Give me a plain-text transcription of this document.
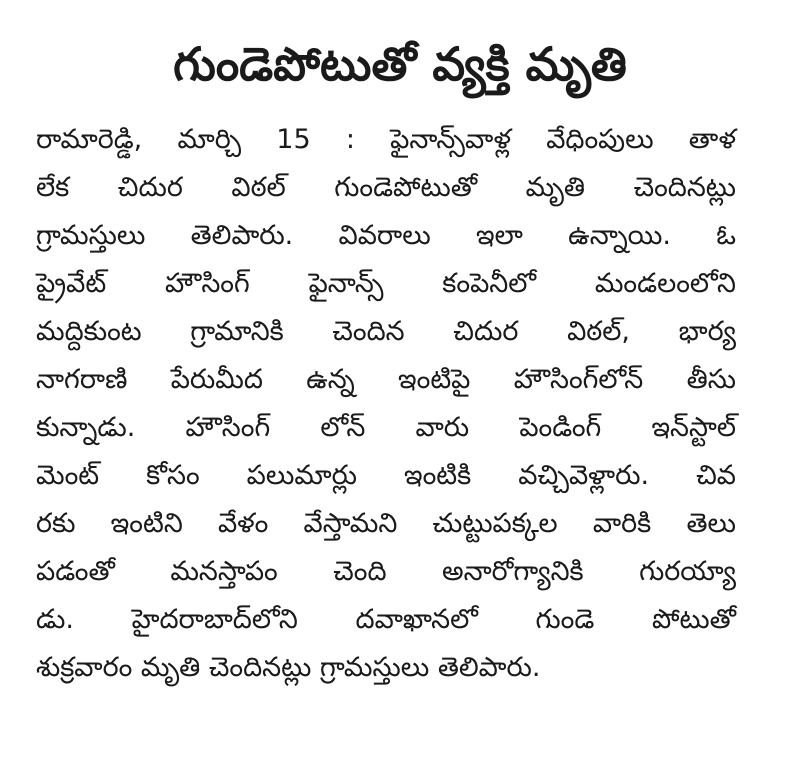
గుండెపోటుతో వ్యక్తి మృతి
రామారెడ్డి, మార్చి 15 : ఫైనాన్స్‌వాళ్ల వేధింపులు తాళ
లేక చిదుర విఠల్ గుండెపోటుతో మృతి చెందినట్లు
గ్రామస్తులు తెలిపారు. వివరాలు ఇలా ఉన్నాయి. ఓ
ప్రైవేట్ హౌసింగ్ ఫైనాన్స్ కంపెనీలో మండలంలోని
మద్దికుంట గ్రామానికి చెందిన చిదుర విఠల్, భార్య
నాగరాణి పేరుమీద ఉన్న ఇంటిపై హౌసింగ్‌లోన్ తీసు
కున్నాడు. హౌసింగ్ లోన్ వారు పెండింగ్ ఇన్‌స్టాల్
మెంట్ కోసం పలుమార్లు ఇంటికి వచ్చివెళ్లారు. చివ
రకు ఇంటిని వేళం వేస్తామని చుట్టుపక్కల వారికి తెలు
పడంతో మనస్తాపం చెంది అనారోగ్యానికి గురయ్యా
డు. హైదరాబాద్‌లోని దవాఖానలో గుండె పోటుతో
శుక్రవారం మృతి చెందినట్లు గ్రామస్తులు తెలిపారు.
